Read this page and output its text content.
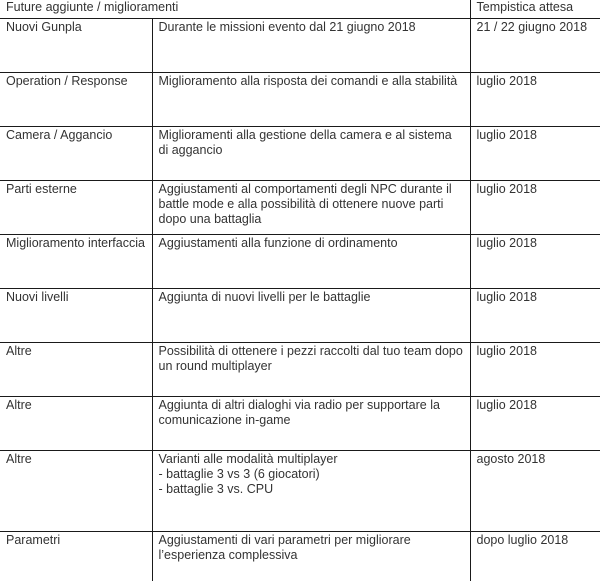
Future aggiunte / miglioramenti		Tempistica attesa
Nuovi Gunpla	Durante le missioni evento dal 21 giugno 2018	21 / 22 giugno 2018
Operation / Response	Miglioramento alla risposta dei comandi e alla stabilità	luglio 2018
Camera / Aggancio	Miglioramenti alla gestione della camera e al sistema di aggancio	luglio 2018
Parti esterne	Aggiustamenti al comportamenti degli NPC durante il battle mode e alla possibilità di ottenere nuove parti dopo una battaglia	luglio 2018
Miglioramento interfaccia	Aggiustamenti alla funzione di ordinamento	luglio 2018
Nuovi livelli	Aggiunta di nuovi livelli per le battaglie	luglio 2018
Altre	Possibilità di ottenere i pezzi raccolti dal tuo team dopo un round multiplayer	luglio 2018
Altre	Aggiunta di altri dialoghi via radio per supportare la comunicazione in-game	luglio 2018
Altre	Varianti alle modalità multiplayer
- battaglie 3 vs 3 (6 giocatori)
- battaglie 3 vs. CPU	agosto 2018
Parametri	Aggiustamenti di vari parametri per migliorare l’esperienza complessiva	dopo luglio 2018
